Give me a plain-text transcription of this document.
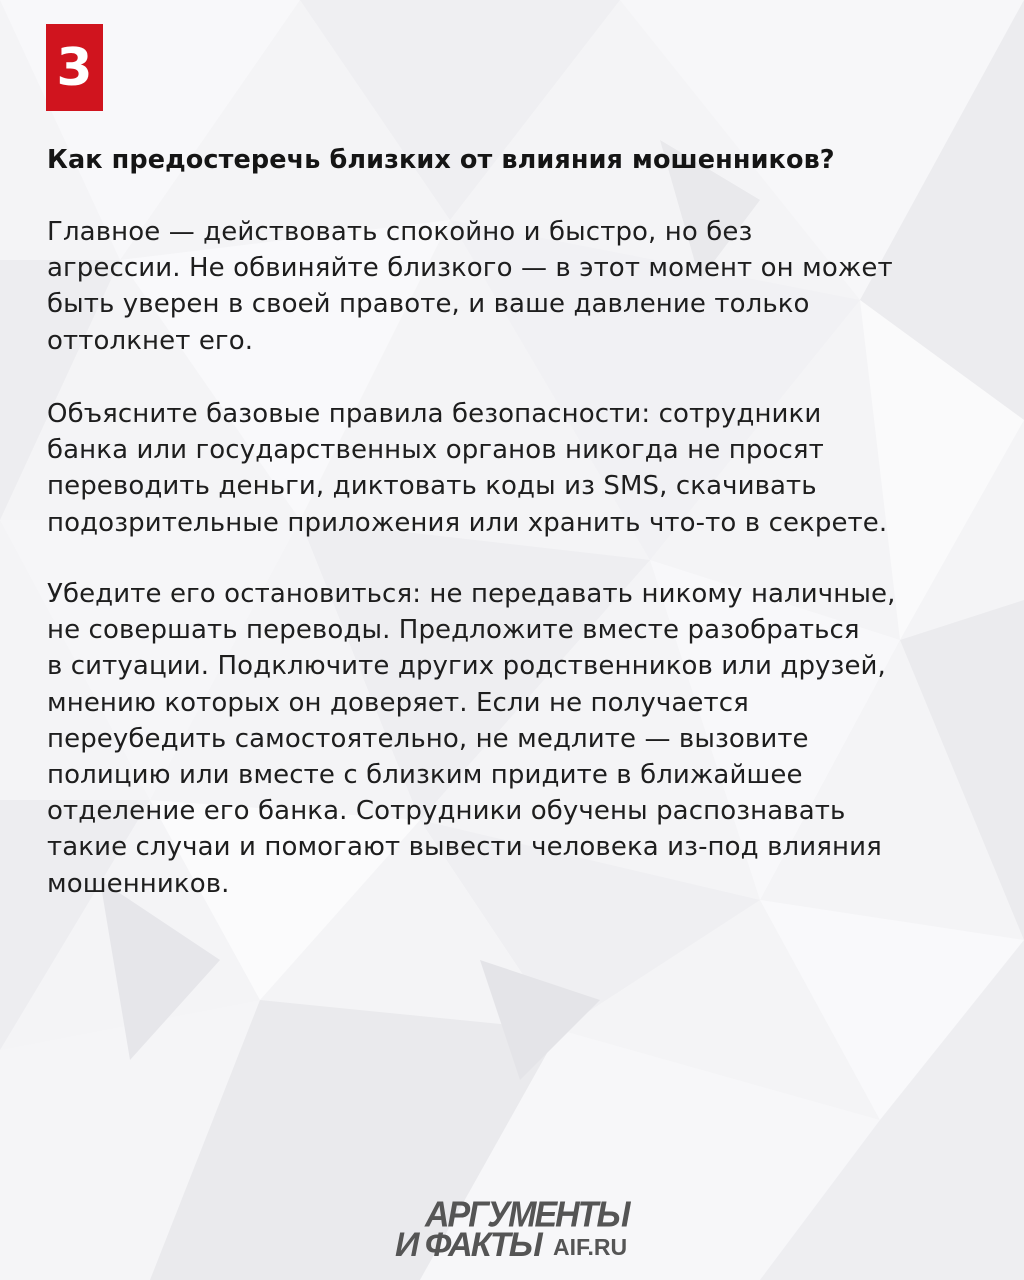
3
Как предостеречь близких от влияния мошенников?
Главное — действовать спокойно и быстро, но без
агрессии. Не обвиняйте близкого — в этот момент он может
быть уверен в своей правоте, и ваше давление только
оттолкнет его.
Объясните базовые правила безопасности: сотрудники
банка или государственных органов никогда не просят
переводить деньги, диктовать коды из SMS, скачивать
подозрительные приложения или хранить что-то в секрете.
Убедите его остановиться: не передавать никому наличные,
не совершать переводы. Предложите вместе разобраться
в ситуации. Подключите других родственников или друзей,
мнению которых он доверяет. Если не получается
переубедить самостоятельно, не медлите — вызовите
полицию или вместе с близким придите в ближайшее
отделение его банка. Сотрудники обучены распознавать
такие случаи и помогают вывести человека из-под влияния
мошенников.
АРГУМЕНТЫ
И ФАКТЫ AIF.RU
